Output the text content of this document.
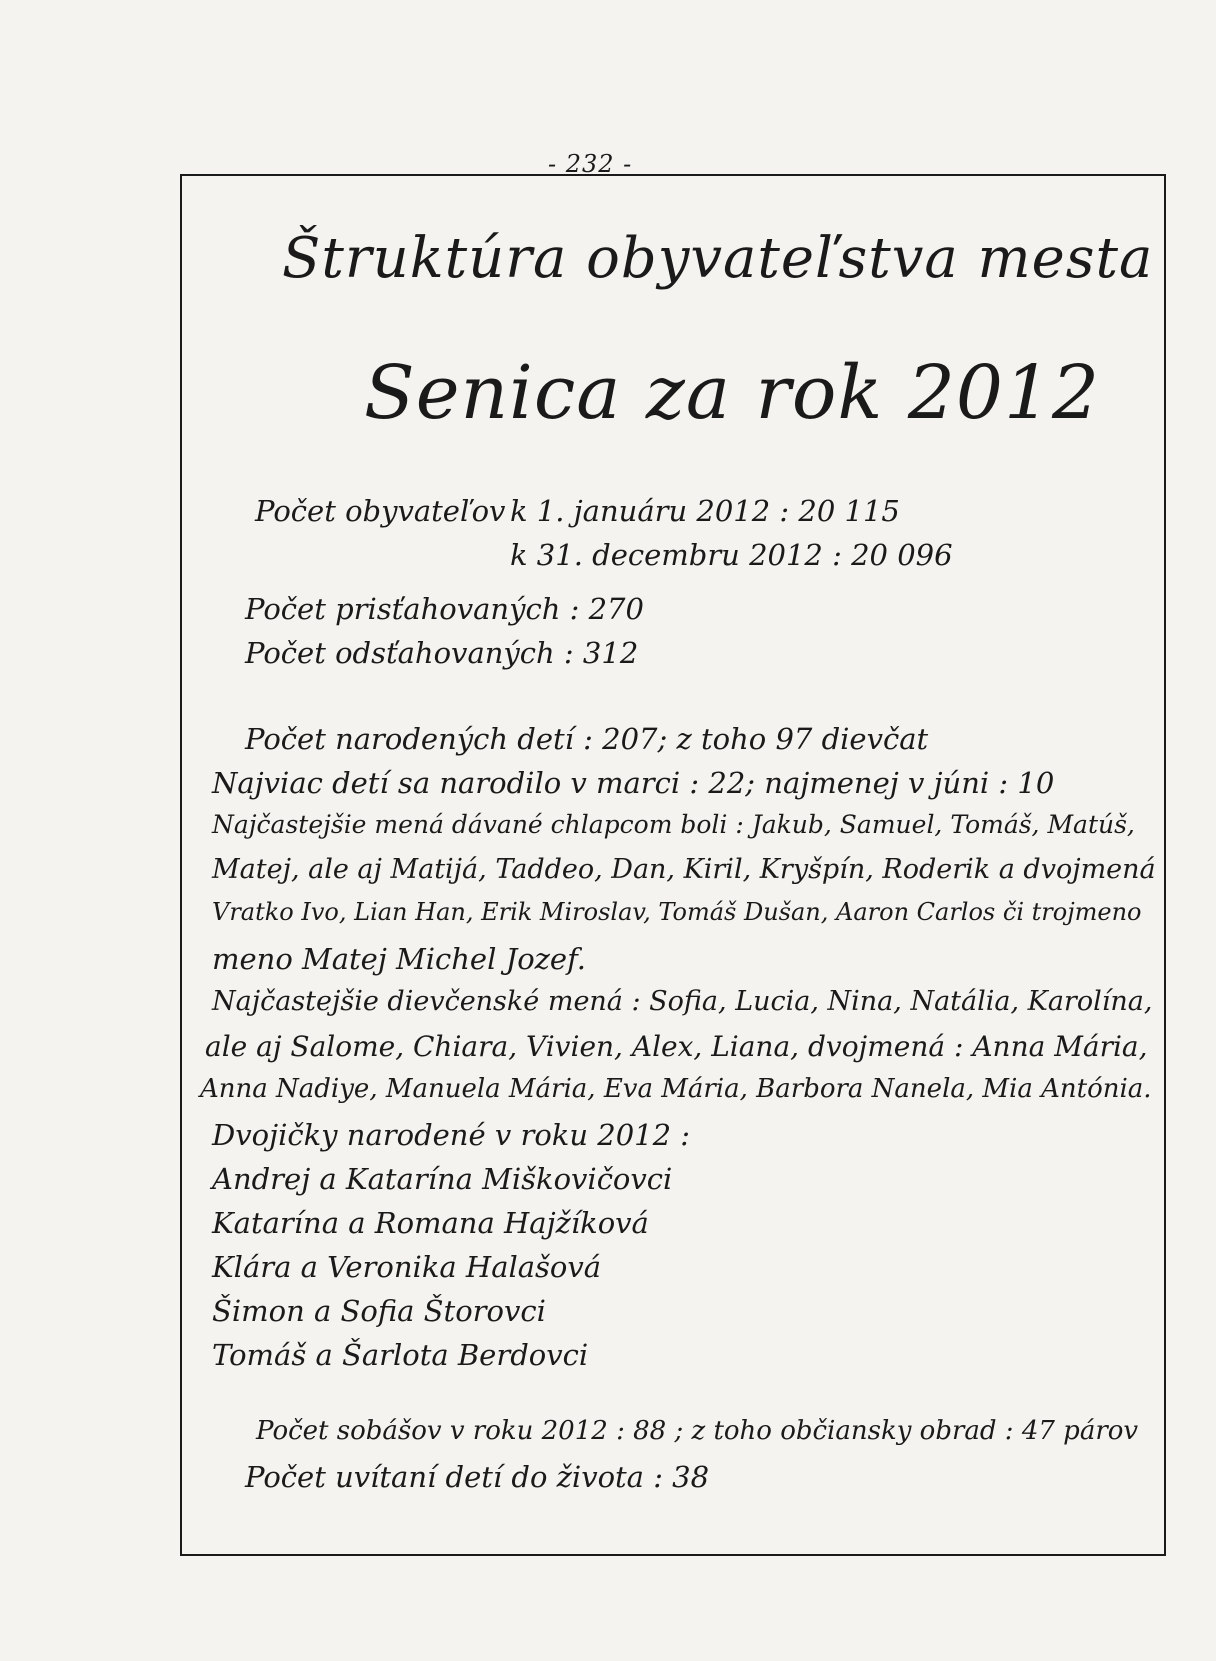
- 232 -
Štruktúra obyvateľstva mesta
Senica za rok 2012
Počet obyvateľov k 1. januáru 2012 : 20 115
k 31. decembru 2012 : 20 096
Počet prisťahovaných : 270
Počet odsťahovaných : 312
Počet narodených detí : 207; z toho 97 dievčat
Najviac detí sa narodilo v marci : 22; najmenej v júni : 10
Najčastejšie mená dávané chlapcom boli : Jakub, Samuel, Tomáš, Matúš,
Matej, ale aj Matijá, Taddeo, Dan, Kiril, Kryšpín, Roderik a dvojmená
Vratko Ivo, Lian Han, Erik Miroslav, Tomáš Dušan, Aaron Carlos či trojmeno
meno Matej Michel Jozef.
Najčastejšie dievčenské mená : Sofia, Lucia, Nina, Natália, Karolína,
ale aj Salome, Chiara, Vivien, Alex, Liana, dvojmená : Anna Mária,
Anna Nadiye, Manuela Mária, Eva Mária, Barbora Nanela, Mia Antónia.
Dvojičky narodené v roku 2012 :
Andrej a Katarína Miškovičovci
Katarína a Romana Hajžíková
Klára a Veronika Halašová
Šimon a Sofia Štorovci
Tomáš a Šarlota Berdovci
Počet sobášov v roku 2012 : 88 ; z toho občiansky obrad : 47 párov
Počet uvítaní detí do života : 38
